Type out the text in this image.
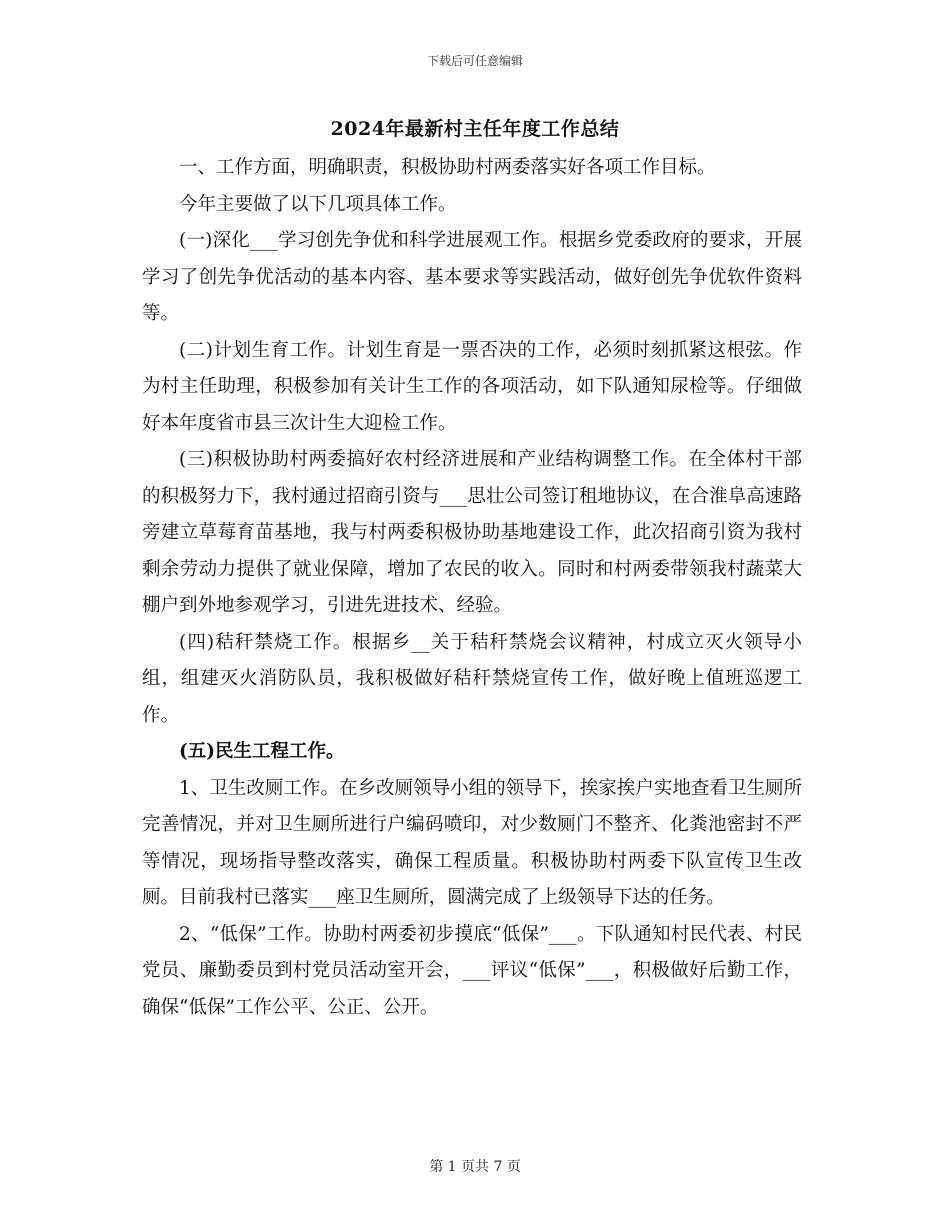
下载后可任意编辑
2024年最新村主任年度工作总结

一、工作方面，明确职责，积极协助村两委落实好各项工作目标。

今年主要做了以下几项具体工作。

(一)深化___学习创先争优和科学进展观工作。根据乡党委政府的要求，开展学习了创先争优活动的基本内容、基本要求等实践活动，做好创先争优软件资料等。

(二)计划生育工作。计划生育是一票否决的工作，必须时刻抓紧这根弦。作为村主任助理，积极参加有关计生工作的各项活动，如下队通知尿检等。仔细做好本年度省市县三次计生大迎检工作。

(三)积极协助村两委搞好农村经济进展和产业结构调整工作。在全体村干部的积极努力下，我村通过招商引资与___思壮公司签订租地协议，在合淮阜高速路旁建立草莓育苗基地，我与村两委积极协助基地建设工作，此次招商引资为我村剩余劳动力提供了就业保障，增加了农民的收入。同时和村两委带领我村蔬菜大棚户到外地参观学习，引进先进技术、经验。

(四)秸秆禁烧工作。根据乡__关于秸秆禁烧会议精神，村成立灭火领导小组，组建灭火消防队员，我积极做好秸秆禁烧宣传工作，做好晚上值班巡逻工作。

(五)民生工程工作。

1、卫生改厕工作。在乡改厕领导小组的领导下，挨家挨户实地查看卫生厕所完善情况，并对卫生厕所进行户编码喷印，对少数厕门不整齐、化粪池密封不严等情况，现场指导整改落实，确保工程质量。积极协助村两委下队宣传卫生改厕。目前我村已落实___座卫生厕所，圆满完成了上级领导下达的任务。

2、“低保”工作。协助村两委初步摸底“低保”___。下队通知村民代表、村民党员、廉勤委员到村党员活动室开会，___评议“低保”___，积极做好后勤工作，确保“低保”工作公平、公正、公开。

第 1 页共 7 页
